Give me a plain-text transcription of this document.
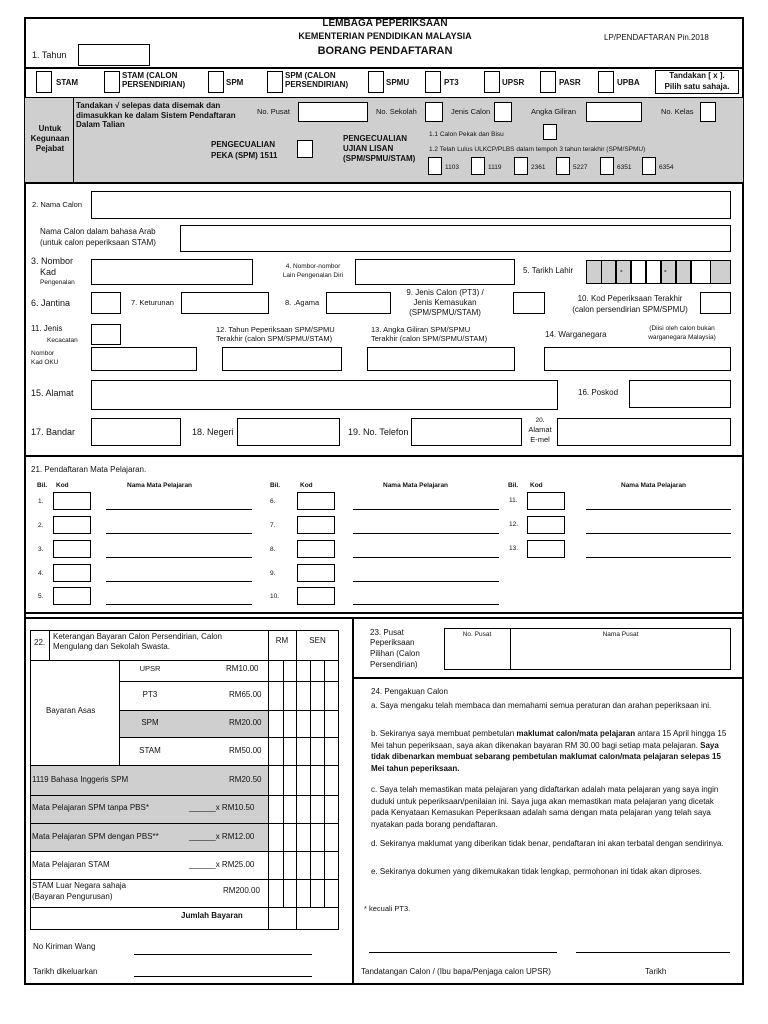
LEMBAGA PEPERIKSAAN
KEMENTERIAN PENDIDIKAN MALAYSIA
BORANG PENDAFTARAN
LP/PENDAFTARAN Pin.2018
1. Tahun
STAM
STAM (CALON PERSENDIRIAN)	SPM
SPM (CALON PERSENDIRIAN)	SPMU	PT3	UPSR	PASR	UPBA
Tandakan [ x ].
Pilih satu sahaja.
Untuk
Kegunaan
Pejabat
Tandakan √ selepas data disemak dan dimasukkan ke dalam Sistem Pendaftaran Dalam Talian
No. Pusat	No. Sekolah	Jenis Calon	Angka Giliran	No. Kelas
PENGECUALIAN
PEKA (SPM) 1511
PENGECUALIAN
UJIAN LISAN
(SPM/SPMU/STAM)
1.1 Calon Pekak dan Bisu
1.2 Telah Lulus ULKCP/PLBS dalam tempoh 3 tahun terakhir (SPM/SPMU)
1103	1119	2361	5227	6351	6354
2. Nama Calon
Nama Calon dalam bahasa Arab
(untuk calon peperiksaan STAM)
3. Nombor
Kad
Pengenalan
4. Nombor-nombor
Lain Pengenalan Diri
5. Tarikh Lahir
6. Jantina	7. Keturunan	8. .Agama
9. Jenis Calon (PT3) /
Jenis Kemasukan
(SPM/SPMU/STAM)
10. Kod Peperiksaan Terakhir
(calon persendirian SPM/SPMU)
11. Jenis
Kecacatan
Nombor
Kad OKU
12. Tahun Peperiksaan SPM/SPMU
Terakhir (calon SPM/SPMU/STAM)
13. Angka Giliran SPM/SPMU
Terakhir (calon SPM/SPMU/STAM)	14. Warganegara
(Diisi oleh calon bukan
warganegara Malaysia)
15. Alamat	16. Poskod
17. Bandar	18. Negeri	19. No. Telefon
20.
Alamat
E-mel
21. Pendaftaran Mata Pelajaran.
Bil. Kod	Nama Mata Pelajaran	Bil.	Kod	Nama Mata Pelajaran	Bil. Kod	Nama Mata Pelajaran
1.
2.
3.
4.
5.
6.
7.
8.
9.
10.
11.
12.
13.
22.
Keterangan Bayaran Calon Persendirian, Calon Mengulang dan Sekolah Swasta.
RM	SEN
Bayaran Asas
UPSR	RM10.00
PT3	RM65.00
SPM	RM20.00
STAM	RM50.00
1119 Bahasa Inggeris SPM	RM20.50
Mata Pelajaran SPM tanpa PBS*	______x RM10.50
Mata Pelajaran SPM dengan PBS**	______x RM12.00
Mata Pelajaran STAM	______x RM25.00
STAM Luar Negara sahaja
(Bayaran Pengurusan)
RM200.00
Jumlah Bayaran
No Kiriman Wang
Tarikh dikeluarkan
23. Pusat
Peperiksaan
Pilihan (Calon
Persendirian)
No. Pusat	Nama Pusat
24. Pengakuan Calon
a. Saya mengaku telah membaca dan memahami semua peraturan dan arahan peperiksaan ini.
b. Sekiranya saya membuat pembetulan maklumat calon/mata pelajaran antara 15 April hingga 15 Mei tahun peperiksaan, saya akan dikenakan bayaran RM 30.00 bagi setiap mata pelajaran. Saya tidak dibenarkan membuat sebarang pembetulan maklumat calon/mata pelajaran selepas 15 Mei tahun peperiksaan.
c. Saya telah memastikan mata pelajaran yang didaftarkan adalah mata pelajaran yang saya ingin duduki untuk peperiksaan/penilaian ini. Saya juga akan memastikan mata pelajaran yang dicetak pada Kenyataan Kemasukan Peperiksaan adalah sama dengan mata pelajaran yang telah saya nyatakan pada borang pendaftaran.
d. Sekiranya maklumat yang diberikan tidak benar, pendaftaran ini akan terbatal dengan sendirinya.
e. Sekiranya dokumen yang dikemukakan tidak lengkap, permohonan ini tidak akan diproses.
* kecuali PT3.
Tandatangan Calon / (Ibu bapa/Penjaga calon UPSR)	Tarikh
-	-
